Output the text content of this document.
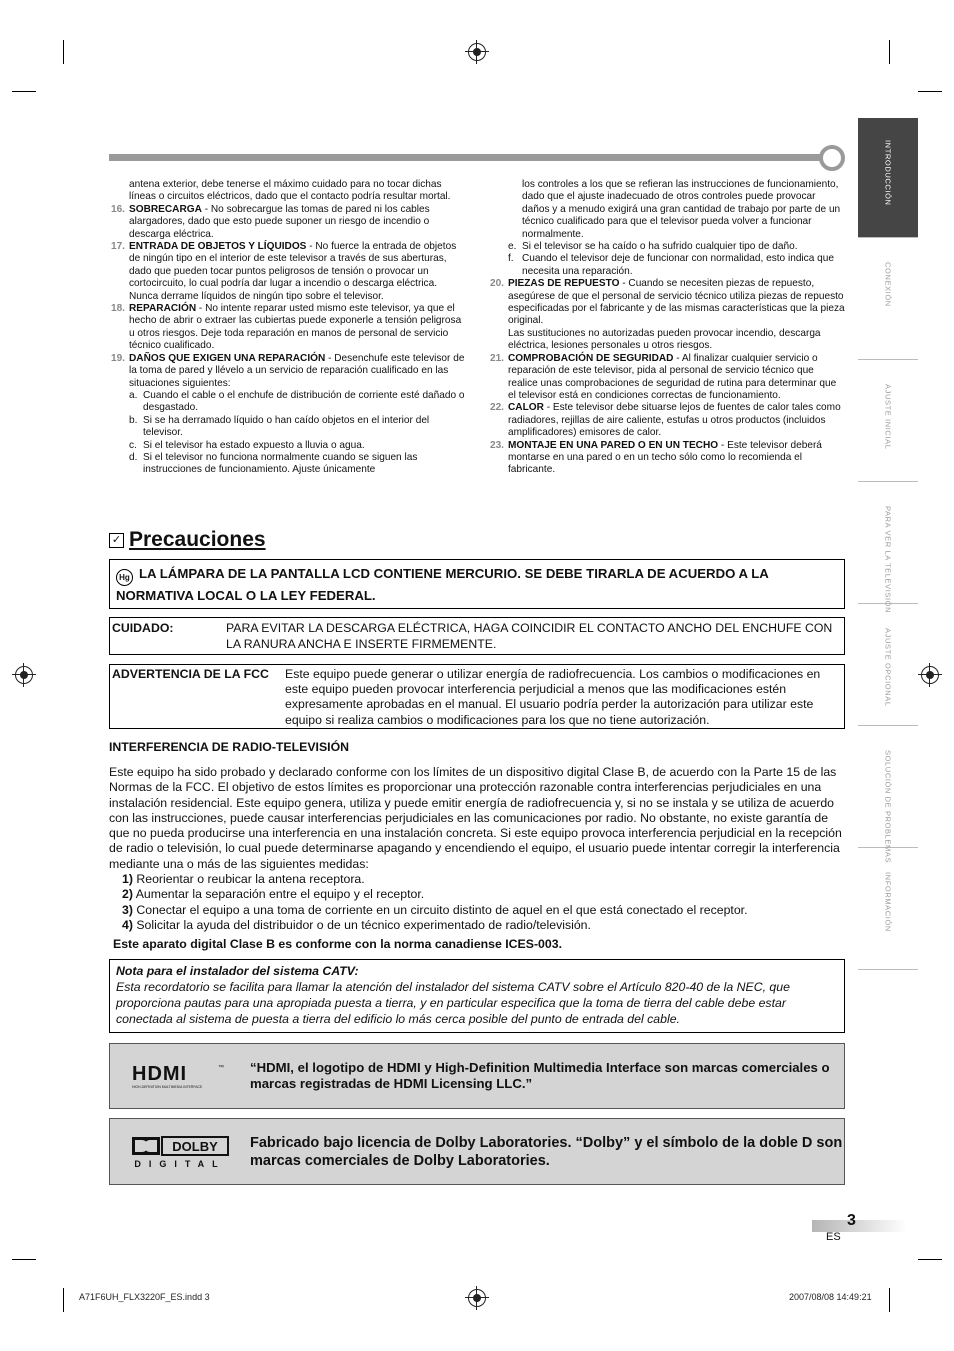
INTRODUCCIÓN
CONEXIÓN
AJUSTE INICIAL
PARA VER LA TELEVISIÓN
AJUSTE OPCIONAL
SOLUCIÓN DE PROBLEMAS
INFORMACIÓN
antena exterior, debe tenerse el máximo cuidado para no tocar dichas líneas o circuitos eléctricos, dado que el contacto podría resultar mortal.
16. SOBRECARGA - No sobrecargue las tomas de pared ni los cables alargadores, dado que esto puede suponer un riesgo de incendio o descarga eléctrica.
17. ENTRADA DE OBJETOS Y LÍQUIDOS - No fuerce la entrada de objetos de ningún tipo en el interior de este televisor a través de sus aberturas, dado que pueden tocar puntos peligrosos de tensión o provocar un cortocircuito, lo cual podría dar lugar a incendio o descarga eléctrica.
Nunca derrame líquidos de ningún tipo sobre el televisor.
18. REPARACIÓN - No intente reparar usted mismo este televisor, ya que el hecho de abrir o extraer las cubiertas puede exponerle a tensión peligrosa u otros riesgos. Deje toda reparación en manos de personal de servicio técnico cualificado.
19. DAÑOS QUE EXIGEN UNA REPARACIÓN - Desenchufe este televisor de la toma de pared y llévelo a un servicio de reparación cualificado en las situaciones siguientes:
a. Cuando el cable o el enchufe de distribución de corriente esté dañado o desgastado.
b. Si se ha derramado líquido o han caído objetos en el interior del televisor.
c. Si el televisor ha estado expuesto a lluvia o agua.
d. Si el televisor no funciona normalmente cuando se siguen las instrucciones de funcionamiento. Ajuste únicamente
los controles a los que se refieran las instrucciones de funcionamiento, dado que el ajuste inadecuado de otros controles puede provocar daños y a menudo exigirá una gran cantidad de trabajo por parte de un técnico cualificado para que el televisor pueda volver a funcionar normalmente.
e. Si el televisor se ha caído o ha sufrido cualquier tipo de daño.
f. Cuando el televisor deje de funcionar con normalidad, esto indica que necesita una reparación.
20. PIEZAS DE REPUESTO - Cuando se necesiten piezas de repuesto, asegúrese de que el personal de servicio técnico utiliza piezas de repuesto especificadas por el fabricante y de las mismas características que la pieza original.
Las sustituciones no autorizadas pueden provocar incendio, descarga eléctrica, lesiones personales u otros riesgos.
21. COMPROBACIÓN DE SEGURIDAD - Al finalizar cualquier servicio o reparación de este televisor, pida al personal de servicio técnico que realice unas comprobaciones de seguridad de rutina para determinar que el televisor está en condiciones correctas de funcionamiento.
22. CALOR - Este televisor debe situarse lejos de fuentes de calor tales como radiadores, rejillas de aire caliente, estufas u otros productos (incluidos amplificadores) emisores de calor.
23. MONTAJE EN UNA PARED O EN UN TECHO - Este televisor deberá montarse en una pared o en un techo sólo como lo recomienda el fabricante.
✓ Precauciones
Hg LA LÁMPARA DE LA PANTALLA LCD CONTIENE MERCURIO. SE DEBE TIRARLA DE ACUERDO A LA NORMATIVA LOCAL O LA LEY FEDERAL.
CUIDADO:	PARA EVITAR LA DESCARGA ELÉCTRICA, HAGA COINCIDIR EL CONTACTO ANCHO DEL ENCHUFE CON LA RANURA ANCHA E INSERTE FIRMEMENTE.
ADVERTENCIA DE LA FCC	Este equipo puede generar o utilizar energía de radiofrecuencia. Los cambios o modificaciones en este equipo pueden provocar interferencia perjudicial a menos que las modificaciones estén expresamente aprobadas en el manual. El usuario podría perder la autorización para utilizar este equipo si realiza cambios o modificaciones para los que no tiene autorización.
INTERFERENCIA DE RADIO-TELEVISIÓN
Este equipo ha sido probado y declarado conforme con los límites de un dispositivo digital Clase B, de acuerdo con la Parte 15 de las Normas de la FCC. El objetivo de estos límites es proporcionar una protección razonable contra interferencias perjudiciales en una instalación residencial. Este equipo genera, utiliza y puede emitir energía de radiofrecuencia y, si no se instala y se utiliza de acuerdo con las instrucciones, puede causar interferencias perjudiciales en las comunicaciones por radio. No obstante, no existe garantía de que no pueda producirse una interferencia en una instalación concreta. Si este equipo provoca interferencia perjudicial en la recepción de radio o televisión, lo cual puede determinarse apagando y encendiendo el equipo, el usuario puede intentar corregir la interferencia mediante una o más de las siguientes medidas:
1) Reorientar o reubicar la antena receptora.
2) Aumentar la separación entre el equipo y el receptor.
3) Conectar el equipo a una toma de corriente en un circuito distinto de aquel en el que está conectado el receptor.
4) Solicitar la ayuda del distribuidor o de un técnico experimentado de radio/televisión.
Este aparato digital Clase B es conforme con la norma canadiense ICES-003.
Nota para el instalador del sistema CATV:
Esta recordatorio se facilita para llamar la atención del instalador del sistema CATV sobre el Artículo 820-40 de la NEC, que proporciona pautas para una apropiada puesta a tierra, y en particular especifica que la toma de tierra del cable debe estar conectada al sistema de puesta a tierra del edificio lo más cerca posible del punto de entrada del cable.
HDMI	™
HIGH-DEFINITION MULTIMEDIA INTERFACE
“HDMI, el logotipo de HDMI y High-Definition Multimedia Interface son marcas comerciales o marcas registradas de HDMI Licensing LLC.”
DOLBY
DIGITAL
Fabricado bajo licencia de Dolby Laboratories. “Dolby” y el símbolo de la doble D son marcas comerciales de Dolby Laboratories.
3
ES
A71F6UH_FLX3220F_ES.indd 3	2007/08/08 14:49:21
